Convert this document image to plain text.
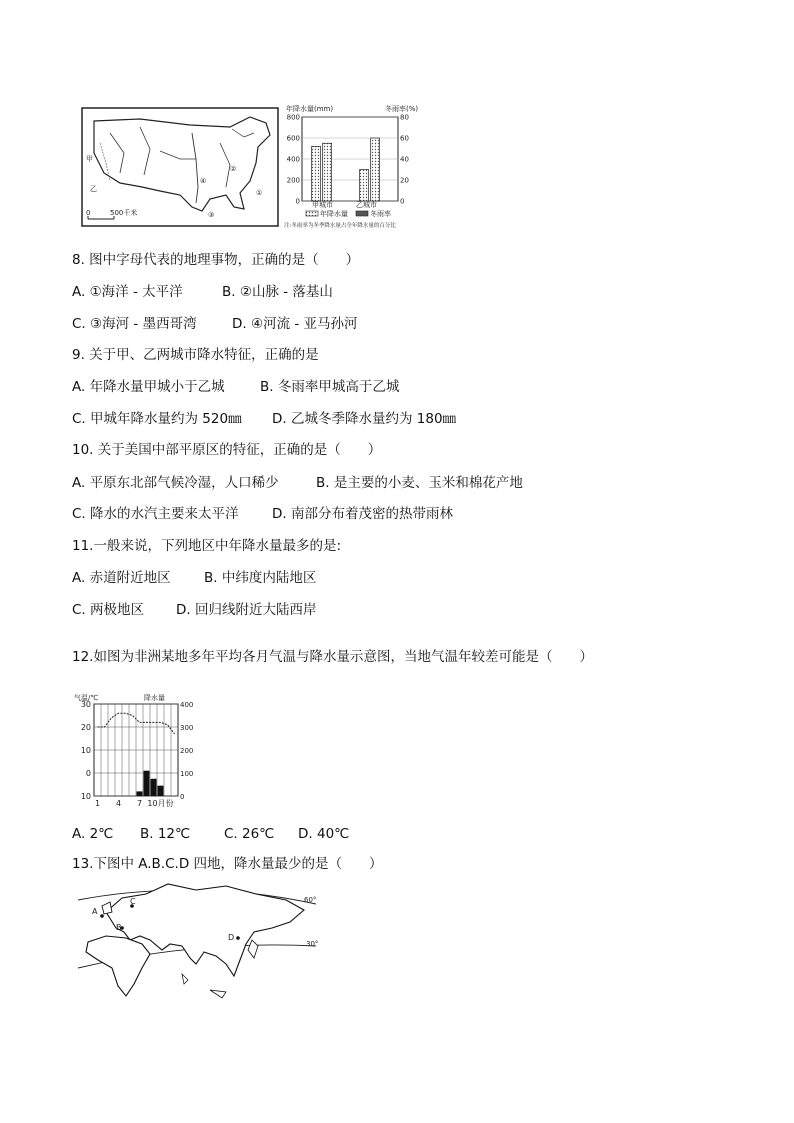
甲
乙	①
②
③
④
0	500千米
年降水量(mm)	冬雨率(%)
0
200
400
600
800
0
20
40
60
80
甲城市	乙城市
年降水量	冬雨率
注:冬雨率为冬季降水量占全年降水量的百分比
8. 图中字母代表的地理事物，正确的是（　　）
A. ①海洋 - 太平洋	B. ②山脉 - 落基山
C. ③海河 - 墨西哥湾	D. ④河流 - 亚马孙河
9. 关于甲、乙两城市降水特征，正确的是
A. 年降水量甲城小于乙城	B. 冬雨率甲城高于乙城
C. 甲城年降水量约为 520㎜ D. 乙城冬季降水量约为 180㎜
10. 关于美国中部平原区的特征，正确的是（　　）
A. 平原东北部气候冷湿，人口稀少	B. 是主要的小麦、玉米和棉花产地
C. 降水的水汽主要来太平洋 D. 南部分布着茂密的热带雨林
11.一般来说，下列地区中年降水量最多的是:
A. 赤道附近地区 B. 中纬度内陆地区
C. 两极地区 D. 回归线附近大陆西岸
12.如图为非洲某地多年平均各月气温与降水量示意图，当地气温年较差可能是（　　）
气温/℃	降水量
30
20
10
0
10
400
300
200
100
0
1 4 7 10月份
A. 2℃ B. 12℃	C. 26℃ D. 40℃
13.下图中 A.B.C.D 四地，降水量最少的是（　　）
60°
30°
A
B
C
D
